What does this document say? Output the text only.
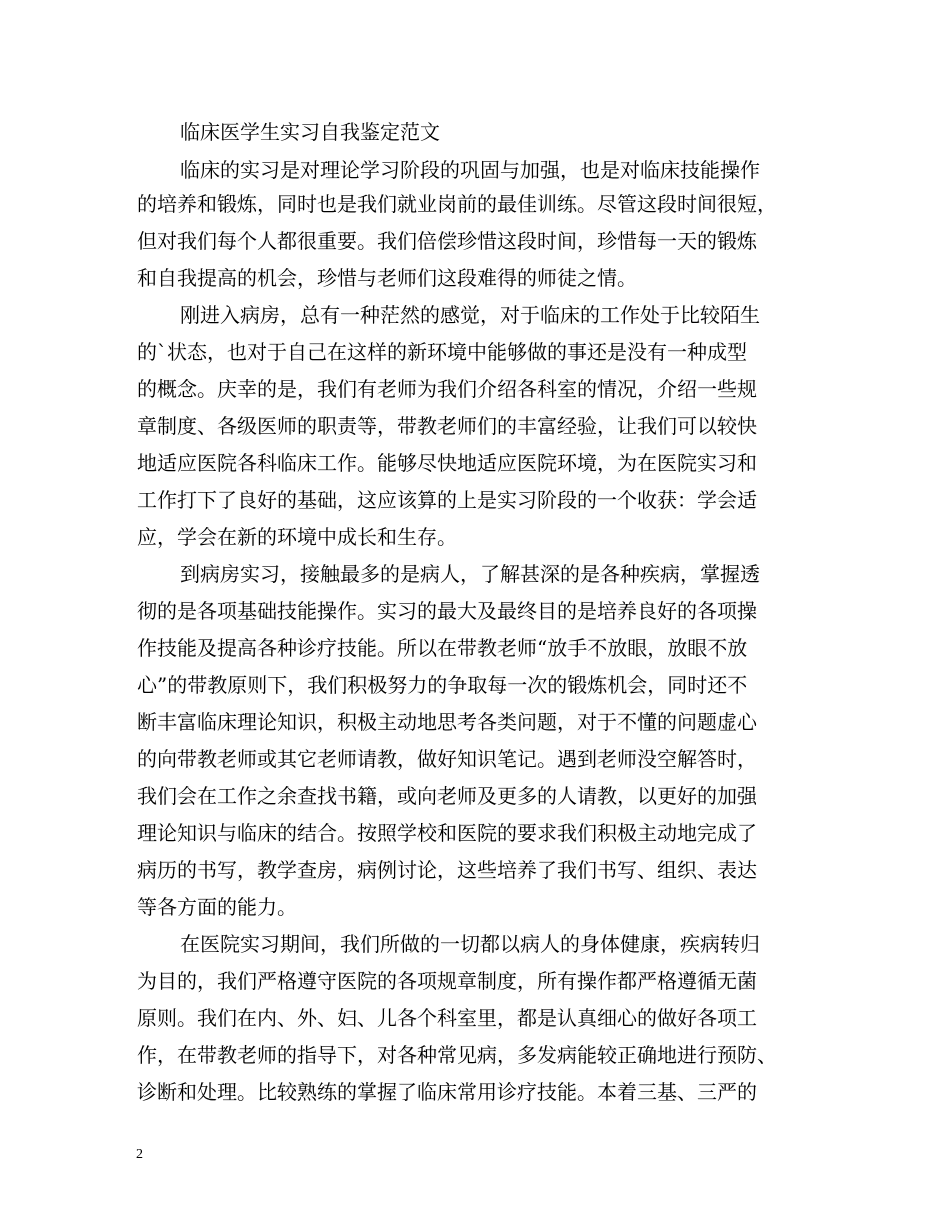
临床医学生实习自我鉴定范文
临床的实习是对理论学习阶段的巩固与加强，也是对临床技能操作
的培养和锻炼，同时也是我们就业岗前的最佳训练。尽管这段时间很短，
但对我们每个人都很重要。我们倍偿珍惜这段时间，珍惜每一天的锻炼
和自我提高的机会，珍惜与老师们这段难得的师徒之情。
刚进入病房，总有一种茫然的感觉，对于临床的工作处于比较陌生
的`状态，也对于自己在这样的新环境中能够做的事还是没有一种成型
的概念。庆幸的是，我们有老师为我们介绍各科室的情况，介绍一些规
章制度、各级医师的职责等，带教老师们的丰富经验，让我们可以较快
地适应医院各科临床工作。能够尽快地适应医院环境，为在医院实习和
工作打下了良好的基础，这应该算的上是实习阶段的一个收获：学会适
应，学会在新的环境中成长和生存。
到病房实习，接触最多的是病人，了解甚深的是各种疾病，掌握透
彻的是各项基础技能操作。实习的最大及最终目的是培养良好的各项操
作技能及提高各种诊疗技能。所以在带教老师“放手不放眼，放眼不放
心”的带教原则下，我们积极努力的争取每一次的锻炼机会，同时还不
断丰富临床理论知识，积极主动地思考各类问题，对于不懂的问题虚心
的向带教老师或其它老师请教，做好知识笔记。遇到老师没空解答时，
我们会在工作之余查找书籍，或向老师及更多的人请教，以更好的加强
理论知识与临床的结合。按照学校和医院的要求我们积极主动地完成了
病历的书写，教学查房，病例讨论，这些培养了我们书写、组织、表达
等各方面的能力。
在医院实习期间，我们所做的一切都以病人的身体健康，疾病转归
为目的，我们严格遵守医院的各项规章制度，所有操作都严格遵循无菌
原则。我们在内、外、妇、儿各个科室里，都是认真细心的做好各项工
作，在带教老师的指导下，对各种常见病，多发病能较正确地进行预防、
诊断和处理。比较熟练的掌握了临床常用诊疗技能。本着三基、三严的
2
